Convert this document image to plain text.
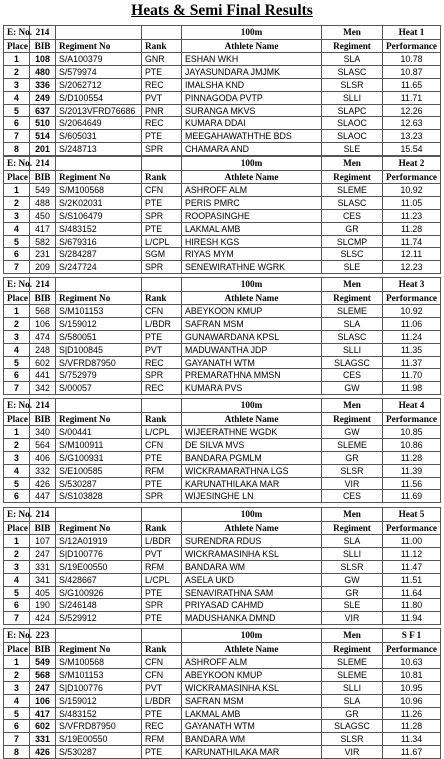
Heats & Semi Final Results
E: No.	214			100m	Men	Heat 1
Place	BIB	Regiment No	Rank	Athlete Name	Regiment	Performance
1	108	S/A100379	GNR	ESHAN WKH	SLA	10.78
2	480	S/579974	PTE	JAYASUNDARA JMJMK	SLASC	10.87
3	336	S/2062712	REC	IMALSHA KND	SLSR	11.65
4	249	S/D100554	PVT	PINNAGODA PVTP	SLLI	11.71
5	637	S/2013VFRD76686	PNR	SURANGA MKVS	SLAPC	12.26
6	510	S/2064649	REC	KUMARA DDAI	SLAOC	12.63
7	514	S/605031	PTE	MEEGAHAWATHTHE BDS	SLAOC	13.23
8	201	S/248713	SPR	CHAMARA AND	SLE	15.54
E: No.	214			100m	Men	Heat 2
Place	BIB	Regiment No	Rank	Athlete Name	Regiment	Performance
1	549	S/M100568	CFN	ASHROFF ALM	SLEME	10.92
2	488	S/2K02031	PTE	PERIS PMRC	SLASC	11.05
3	450	S/S106479	SPR	ROOPASINGHE	CES	11.23
4	417	S/483152	PTE	LAKMAL AMB	GR	11.28
5	582	S/679316	L/CPL	HIRESH KGS	SLCMP	11.74
6	231	S/284287	SGM	RIYAS MYM	SLSC	12.11
7	209	S/247724	SPR	SENEWIRATHNE WGRK	SLE	12.23
E: No.	214			100m	Men	Heat 3
Place	BIB	Regiment No	Rank	Athlete Name	Regiment	Performance
1	568	S/M101153	CFN	ABEYKOON KMUP	SLEME	10.92
2	106	S/159012	L/BDR	SAFRAN MSM	SLA	11.06
3	474	S/580051	PTE	GUNAWARDANA KPSL	SLASC	11.24
4	248	S|D100845	PVT	MADUWANTHA JDP	SLLI	11.35
5	602	S/VFRD87950	REC	GAYANATH WTM	SLAGSC	11.37
6	441	S/752979	SPR	PREMARATHNA MMSN	CES	11.70
7	342	S/00057	REC	KUMARA PVS	GW	11.98
E: No.	214			100m	Men	Heat 4
Place	BIB	Regiment No	Rank	Athlete Name	Regiment	Performance
1	340	S/00441	L/CPL	WIJEERATHNE WGDK	GW	10.85
2	564	S/M100911	CFN	DE SILVA MVS	SLEME	10.86
3	406	S/G100931	PTE	BANDARA PGMLM	GR	11.28
4	332	S/E100585	RFM	WICKRAMARATHNA LGS	SLSR	11.39
5	426	S/530287	PTE	KARUNATHILAKA MAR	VIR	11.56
6	447	S/S103828	SPR	WIJESINGHE LN	CES	11.69
E: No.	214			100m	Men	Heat 5
Place	BIB	Regiment No	Rank	Athlete Name	Regiment	Performance
1	107	S/12A01919	L/BDR	SURENDRA RDUS	SLA	11.00
2	247	S|D100776	PVT	WICKRAMASINHA KSL	SLLI	11.12
3	331	S/19E00550	RFM	BANDARA WM	SLSR	11.47
4	341	S/428667	L/CPL	ASELA UKD	GW	11.51
5	405	S/G100926	PTE	SENAVIRATHNA SAM	GR	11.64
6	190	S/246148	SPR	PRIYASAD CAHMD	SLE	11.80
7	424	S/529912	PTE	MADUSHANKA DMND	VIR	11.94
E: No.	223			100m	Men	S F 1
Place	BIB	Regiment No	Rank	Athlete Name	Regiment	Performance
1	549	S/M100568	CFN	ASHROFF ALM	SLEME	10.63
2	568	S/M101153	CFN	ABEYKOON KMUP	SLEME	10.81
3	247	S|D100776	PVT	WICKRAMASINHA KSL	SLLI	10.95
4	106	S/159012	L/BDR	SAFRAN MSM	SLA	10.96
5	417	S/483152	PTE	LAKMAL AMB	GR	11.26
6	602	S/VFRD87950	REC	GAYANATH WTM	SLAGSC	11.28
7	331	S/19E00550	RFM	BANDARA WM	SLSR	11.34
8	426	S/530287	PTE	KARUNATHILAKA MAR	VIR	11.67
